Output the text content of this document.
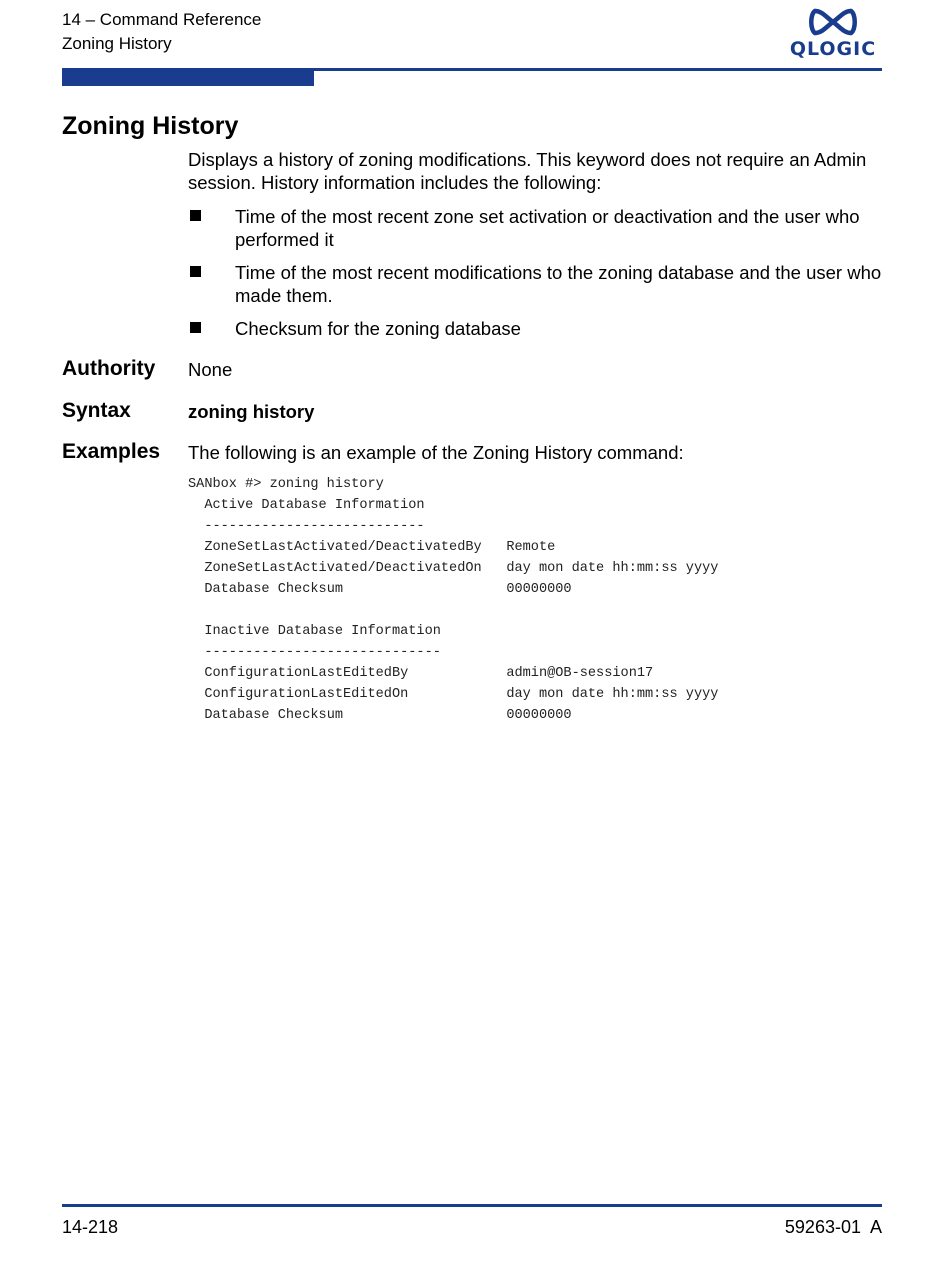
14 – Command Reference
Zoning History	QLOGIC
Zoning History
Displays a history of zoning modifications. This keyword does not require an Admin session. History information includes the following:
Time of the most recent zone set activation or deactivation and the user who performed it
Time of the most recent modifications to the zoning database and the user who made them.
Checksum for the zoning database
Authority None
Syntax	zoning history
Examples The following is an example of the Zoning History command:
SANbox #> zoning history
Active Database Information
---------------------------
ZoneSetLastActivated/DeactivatedBy Remote
ZoneSetLastActivated/DeactivatedOn day mon date hh:mm:ss yyyy
Database Checksum	00000000

Inactive Database Information
-----------------------------
ConfigurationLastEditedBy	admin@OB-session17
ConfigurationLastEditedOn	day mon date hh:mm:ss yyyy
Database Checksum	00000000
14-218	59263-01  A
